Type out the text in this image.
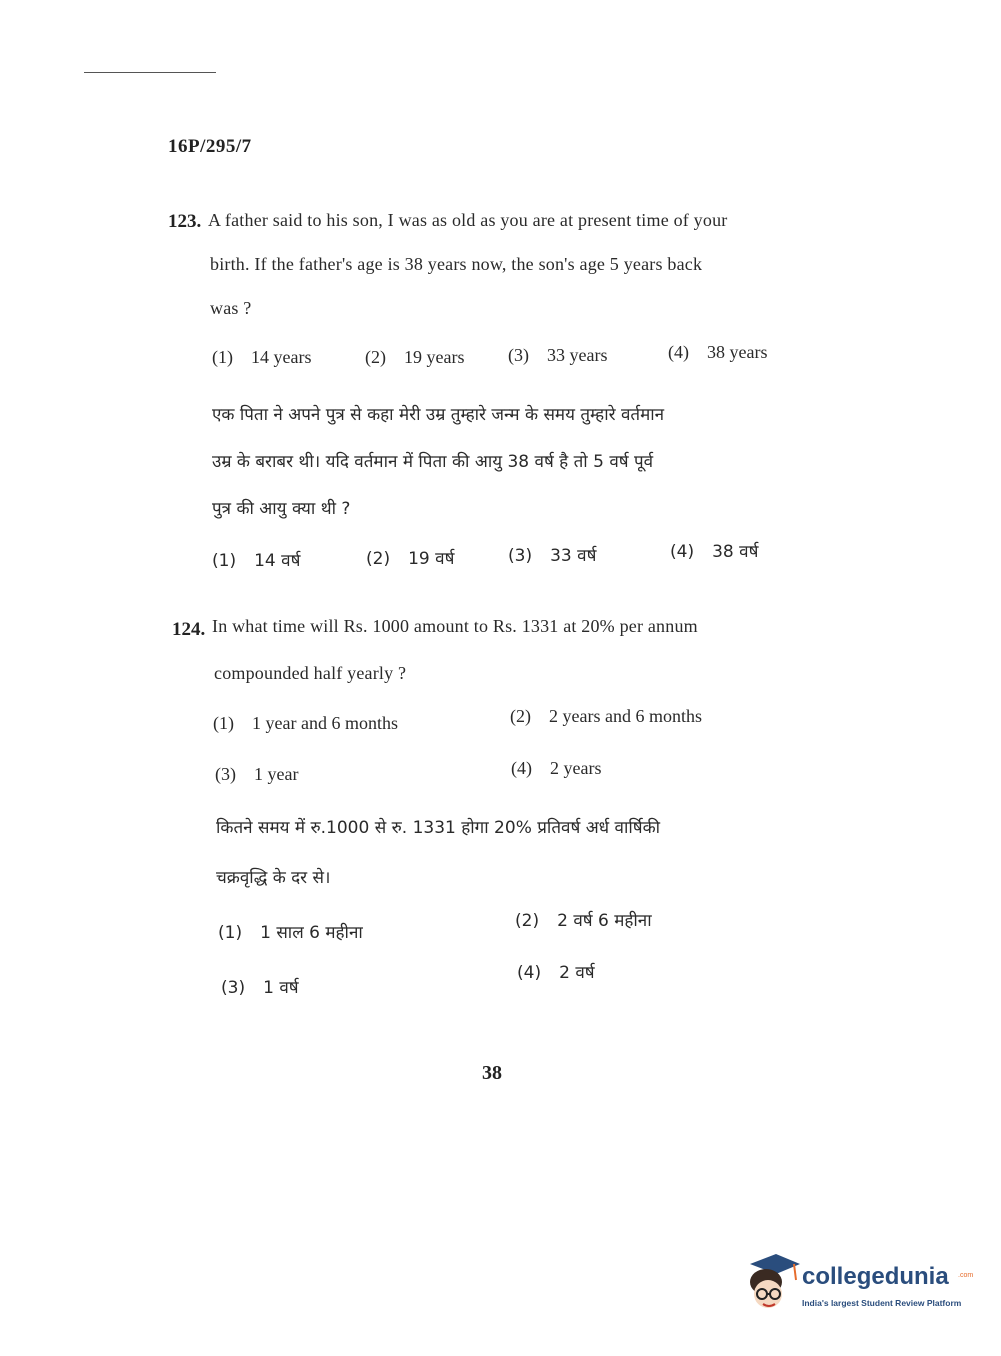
16P/295/7
123. A father said to his son, I was as old as you are at present time of your
birth. If the father's age is 38 years now, the son's age 5 years back
was ?
(1) 14 years	(2) 19 years (3) 33 years	(4) 38 years
एक पिता ने अपने पुत्र से कहा मेरी उम्र तुम्हारे जन्म के समय तुम्हारे वर्तमान
उम्र के बराबर थी। यदि वर्तमान में पिता की आयु 38 वर्ष है तो 5 वर्ष पूर्व
पुत्र की आयु क्या थी ?
(1) 14 वर्ष	(2) 19 वर्ष	(3) 33 वर्ष	(4) 38 वर्ष
124. In what time will Rs. 1000 amount to Rs. 1331 at 20% per annum
compounded half yearly ?
(1) 1 year and 6 months	(2) 2 years and 6 months
(3) 1 year	(4) 2 years
कितने समय में रु.1000 से रु. 1331 होगा 20% प्रतिवर्ष अर्ध वार्षिकी
चक्रवृद्धि के दर से।
(1) 1 साल 6 महीना
(2) 2 वर्ष 6 महीना
(3) 1 वर्ष
(4) 2 वर्ष
38
collegedunia .com
India's largest Student Review Platform
